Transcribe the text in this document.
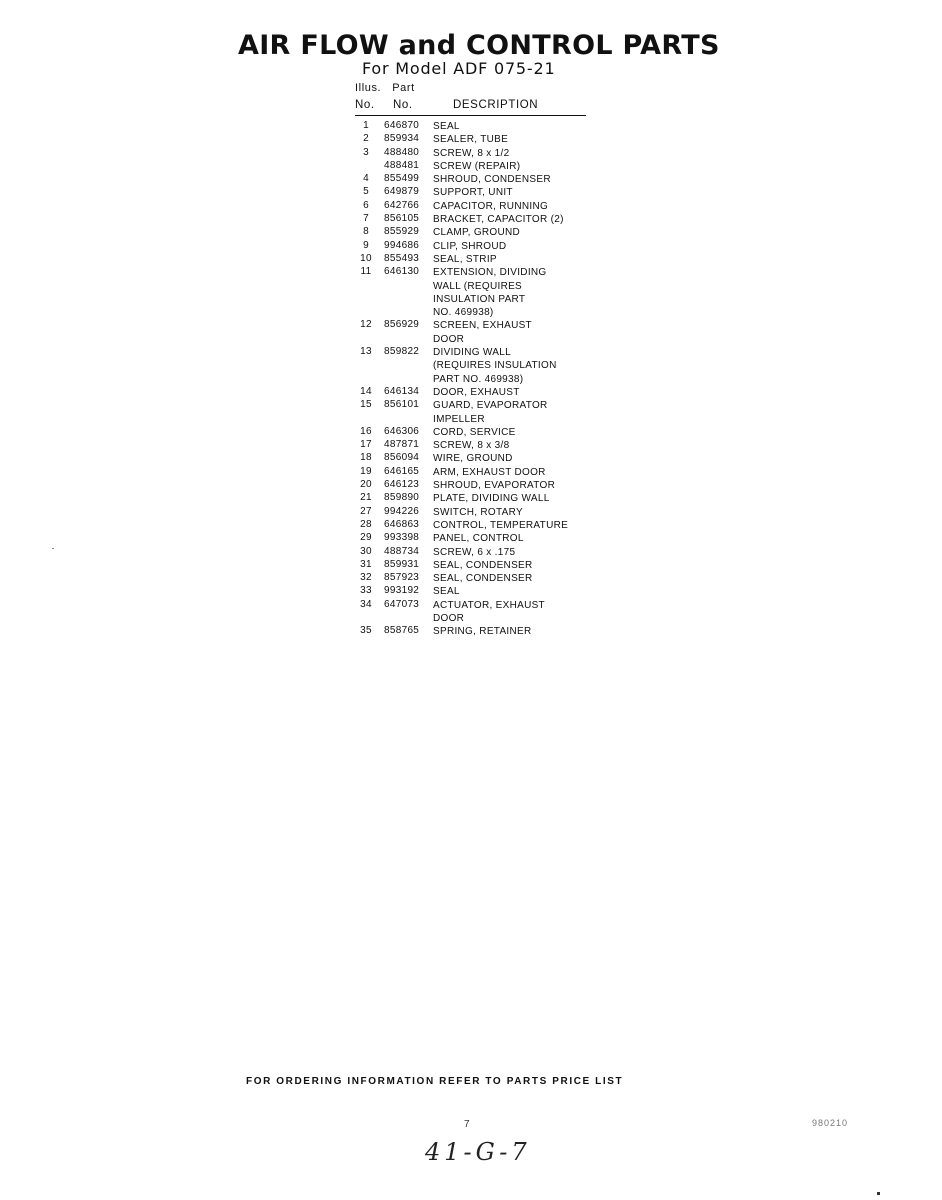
AIR FLOW and CONTROL PARTS
For Model ADF 075-21
Illus. Part
No. No.	DESCRIPTION
1	646870 SEAL
2	859934 SEALER, TUBE
3	488480 SCREW, 8 x 1/2
488481 SCREW (REPAIR)
4	855499 SHROUD, CONDENSER
5	649879 SUPPORT, UNIT
6	642766 CAPACITOR, RUNNING
7	856105 BRACKET, CAPACITOR (2)
8	855929 CLAMP, GROUND
9	994686 CLIP, SHROUD
10	855493 SEAL, STRIP
11	646130 EXTENSION, DIVIDING
WALL (REQUIRES
INSULATION PART
NO. 469938)
12	856929 SCREEN, EXHAUST
DOOR
13	859822 DIVIDING WALL
(REQUIRES INSULATION
PART NO. 469938)
14	646134 DOOR, EXHAUST
15	856101 GUARD, EVAPORATOR
IMPELLER
16	646306 CORD, SERVICE
17	487871 SCREW, 8 x 3/8
18	856094 WIRE, GROUND
19	646165 ARM, EXHAUST DOOR
20	646123 SHROUD, EVAPORATOR
21	859890 PLATE, DIVIDING WALL
27	994226 SWITCH, ROTARY
28	646863 CONTROL, TEMPERATURE
29	993398 PANEL, CONTROL
30	488734 SCREW, 6 x .175
31	859931 SEAL, CONDENSER
32	857923 SEAL, CONDENSER
33	993192 SEAL
34	647073 ACTUATOR, EXHAUST
DOOR
35	858765 SPRING, RETAINER
FOR ORDERING INFORMATION REFER TO PARTS PRICE LIST
7	980210
41-G-7
